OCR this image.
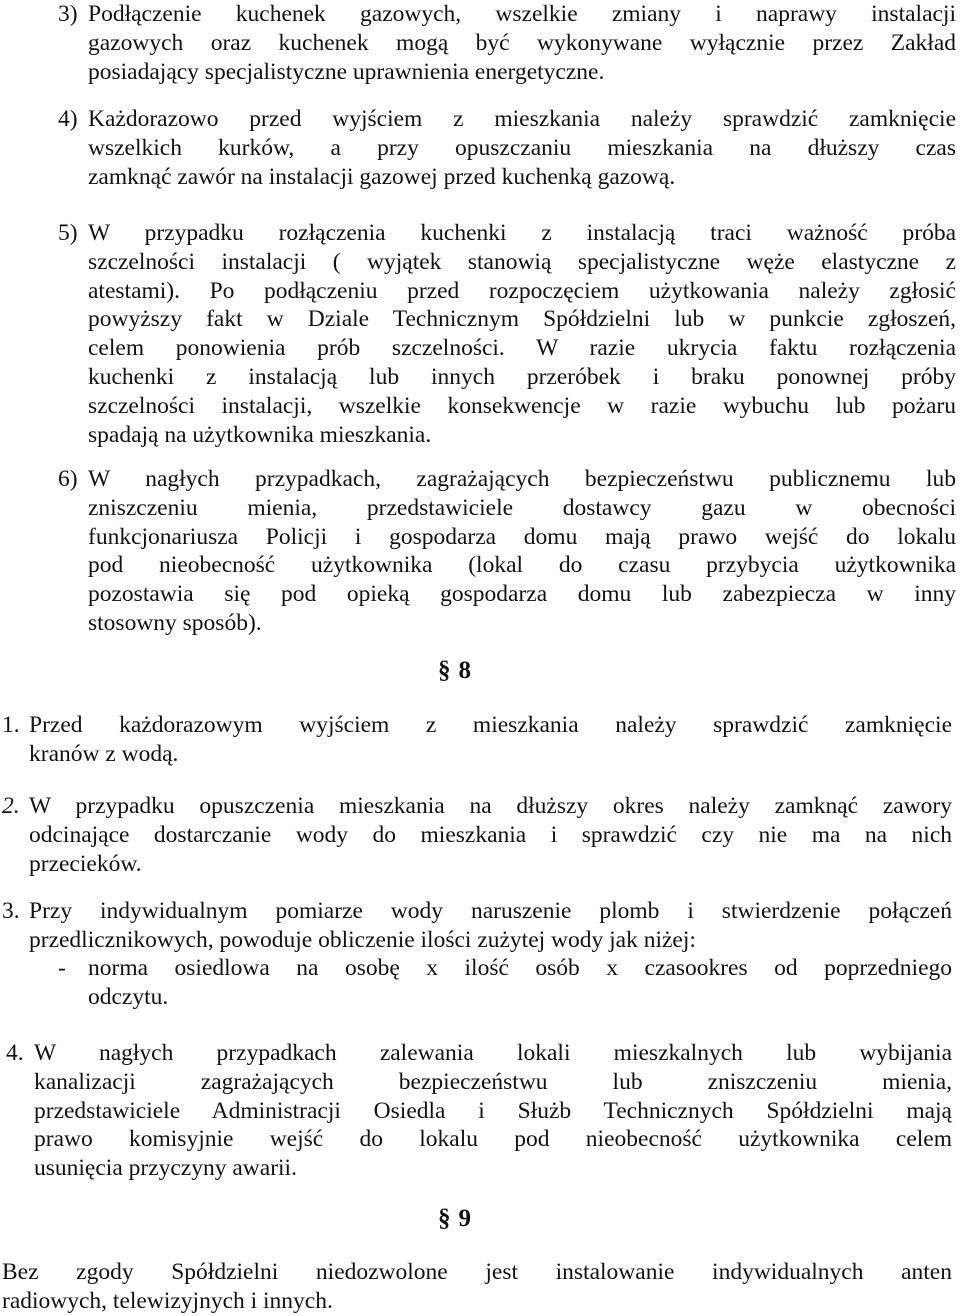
3) Podłączenie kuchenek gazowych, wszelkie zmiany i naprawy instalacji
gazowych oraz kuchenek mogą być wykonywane wyłącznie przez Zakład
posiadający specjalistyczne uprawnienia energetyczne.
4) Każdorazowo przed wyjściem z mieszkania należy sprawdzić zamknięcie
wszelkich kurków, a przy opuszczaniu mieszkania na dłuższy czas
zamknąć zawór na instalacji gazowej przed kuchenką gazową.
5) W przypadku rozłączenia kuchenki z instalacją traci ważność próba
szczelności instalacji ( wyjątek stanowią specjalistyczne węże elastyczne z
atestami). Po podłączeniu przed rozpoczęciem użytkowania należy zgłosić
powyższy fakt w Dziale Technicznym Spółdzielni lub w punkcie zgłoszeń,
celem ponowienia prób szczelności. W razie ukrycia faktu rozłączenia
kuchenki z instalacją lub innych przeróbek i braku ponownej próby
szczelności instalacji, wszelkie konsekwencje w razie wybuchu lub pożaru
spadają na użytkownika mieszkania.
6) W nagłych przypadkach, zagrażających bezpieczeństwu publicznemu lub
zniszczeniu mienia, przedstawiciele dostawcy gazu w obecności
funkcjonariusza Policji i gospodarza domu mają prawo wejść do lokalu
pod nieobecność użytkownika (lokal do czasu przybycia użytkownika
pozostawia się pod opieką gospodarza domu lub zabezpiecza w inny
stosowny sposób).
§ 8
1. Przed każdorazowym wyjściem z mieszkania należy sprawdzić zamknięcie
kranów z wodą.
2. W przypadku opuszczenia mieszkania na dłuższy okres należy zamknąć zawory
odcinające dostarczanie wody do mieszkania i sprawdzić czy nie ma na nich
przecieków.
3. Przy indywidualnym pomiarze wody naruszenie plomb i stwierdzenie połączeń
przedlicznikowych, powoduje obliczenie ilości zużytej wody jak niżej:
- norma osiedlowa na osobę x ilość osób x czasookres od poprzedniego
odczytu.
4. W nagłych przypadkach zalewania lokali mieszkalnych lub wybijania
kanalizacji zagrażających bezpieczeństwu lub zniszczeniu mienia,
przedstawiciele Administracji Osiedla i Służb Technicznych Spółdzielni mają
prawo komisyjnie wejść do lokalu pod nieobecność użytkownika celem
usunięcia przyczyny awarii.
§ 9
Bez zgody Spółdzielni niedozwolone jest instalowanie indywidualnych anten
radiowych, telewizyjnych i innych.
